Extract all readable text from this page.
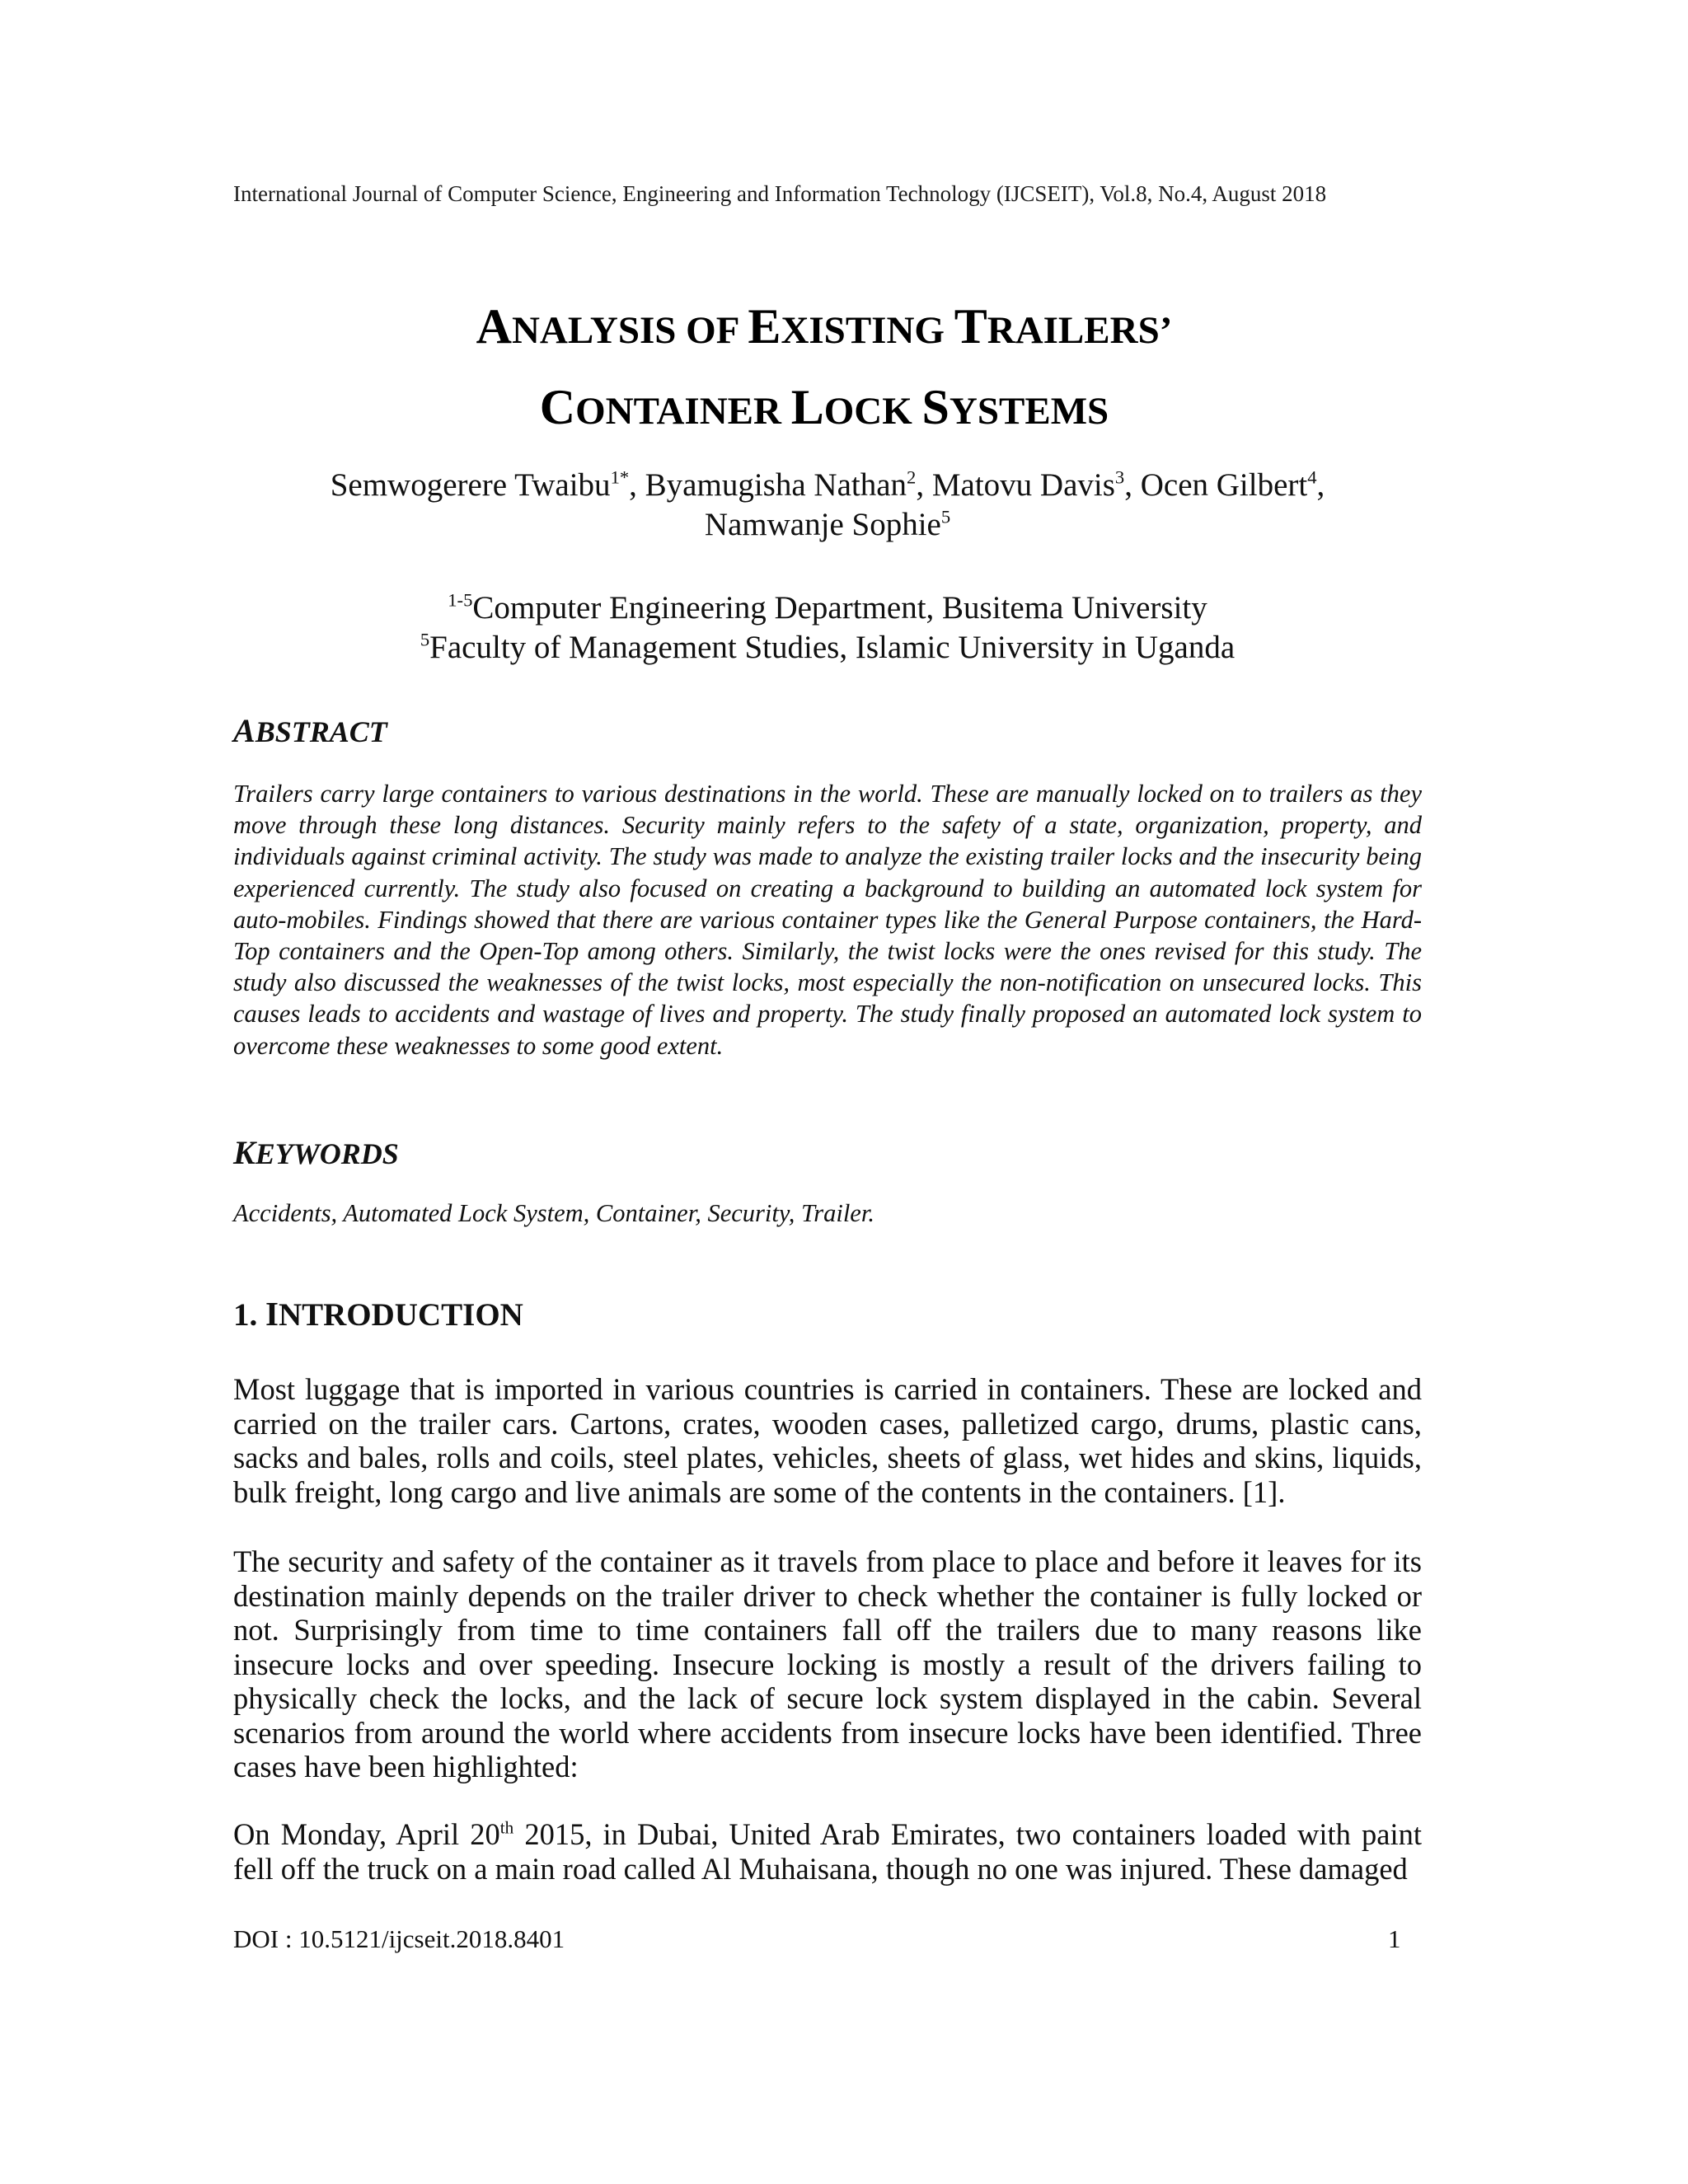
International Journal of Computer Science, Engineering and Information Technology (IJCSEIT), Vol.8, No.4, August 2018
ANALYSIS OF EXISTING TRAILERS’
CONTAINER LOCK SYSTEMS
Semwogerere Twaibu$^{1*}$, Byamugisha Nathan$^2$, Matovu Davis$^3$, Ocen Gilbert$^4$,
Namwanje Sophie$^5$
$^{1-5}$Computer Engineering Department, Busitema University
$^5$Faculty of Management Studies, Islamic University in Uganda
ABSTRACT

Trailers carry large containers to various destinations in the world. These are manually locked on to trailers as they move through these long distances. Security mainly refers to the safety of a state, organization, property, and individuals against criminal activity. The study was made to analyze the existing trailer locks and the insecurity being experienced currently. The study also focused on creating a background to building an automated lock system for auto-mobiles. Findings showed that there are various container types like the General Purpose containers, the Hard-Top containers and the Open-Top among others. Similarly, the twist locks were the ones revised for this study. The study also discussed the weaknesses of the twist locks, most especially the non-notification on unsecured locks. This causes leads to accidents and wastage of lives and property. The study finally proposed an automated lock system to overcome these weaknesses to some good extent.

KEYWORDS
Accidents, Automated Lock System, Container, Security, Trailer.
1. INTRODUCTION

Most luggage that is imported in various countries is carried in containers. These are locked and carried on the trailer cars. Cartons, crates, wooden cases, palletized cargo, drums, plastic cans, sacks and bales, rolls and coils, steel plates, vehicles, sheets of glass, wet hides and skins, liquids, bulk freight, long cargo and live animals are some of the contents in the containers. [1].

The security and safety of the container as it travels from place to place and before it leaves for its destination mainly depends on the trailer driver to check whether the container is fully locked or not. Surprisingly from time to time containers fall off the trailers due to many reasons like insecure locks and over speeding. Insecure locking is mostly a result of the drivers failing to physically check the locks, and the lack of secure lock system displayed in the cabin. Several scenarios from around the world where accidents from insecure locks have been identified. Three cases have been highlighted:

On Monday, April 20th 2015, in Dubai, United Arab Emirates, two containers loaded with paint fell off the truck on a main road called Al Muhaisana, though no one was injured. These damaged

DOI : 10.5121/ijcseit.2018.8401	1
